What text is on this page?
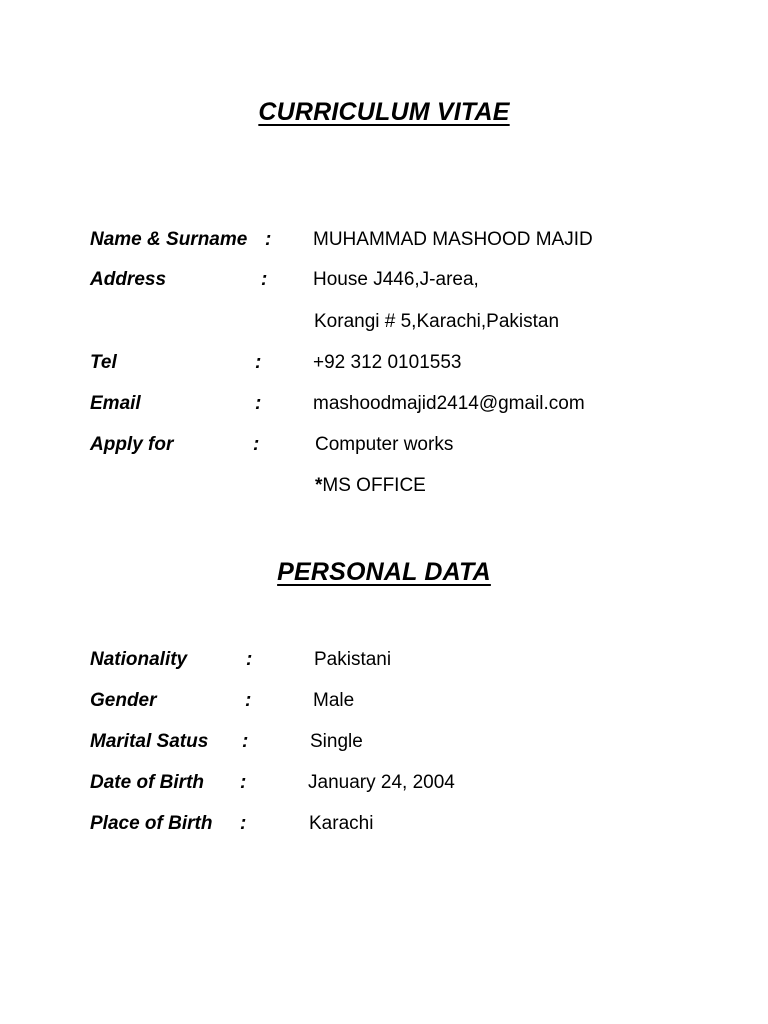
CURRICULUM VITAE
Name & Surname : MUHAMMAD MASHOOD MAJID
Address	: House J446,J-area,
Korangi # 5,Karachi,Pakistan
Tel	:	+92 312 0101553
Email	:	mashoodmajid2414@gmail.com
Apply for	:	Computer works
*MS OFFICE
PERSONAL DATA
Nationality	:	Pakistani
Gender	:	Male
Marital Satus :	Single
Date of Birth :	January 24, 2004
Place of Birth :	Karachi
